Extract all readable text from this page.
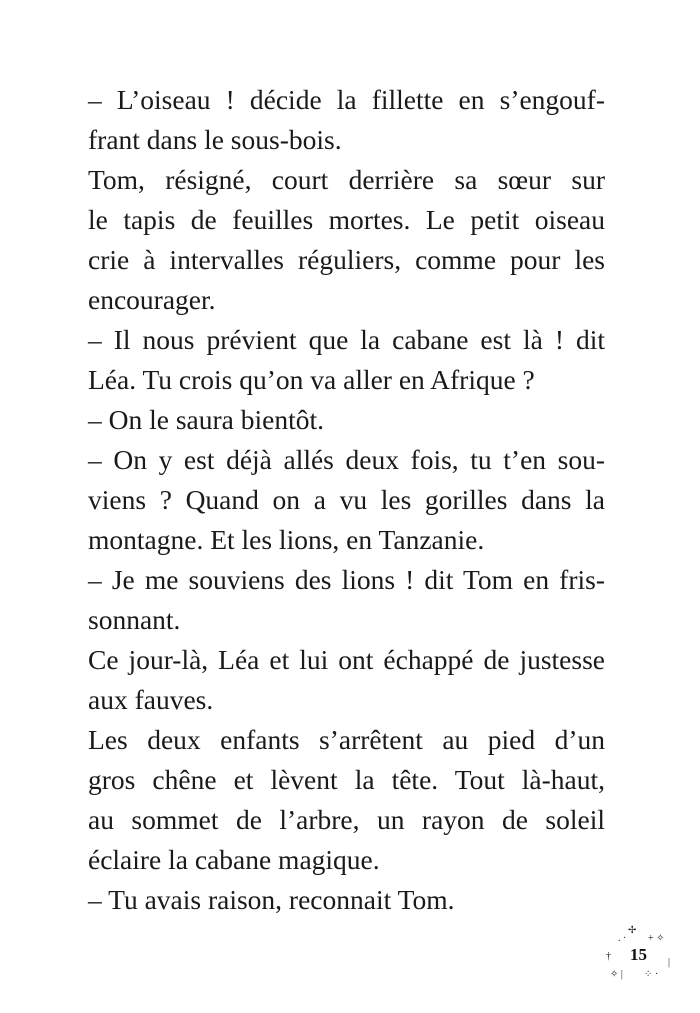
– L’oiseau ! décide la fillette en s’engouf-
frant dans le sous-bois.
Tom, résigné, court derrière sa sœur sur
le tapis de feuilles mortes. Le petit oiseau
crie à intervalles réguliers, comme pour les
encourager.
– Il nous prévient que la cabane est là ! dit
Léa. Tu crois qu’on va aller en Afrique ?
– On le saura bientôt.
– On y est déjà allés deux fois, tu t’en sou-
viens ? Quand on a vu les gorilles dans la
montagne. Et les lions, en Tanzanie.
– Je me souviens des lions ! dit Tom en fris-
sonnant.
Ce jour-là, Léa et lui ont échappé de justesse
aux fauves.
Les deux enfants s’arrêtent au pied d’un
gros chêne et lèvent la tête. Tout là-haut,
au sommet de l’arbre, un rayon de soleil
éclaire la cabane magique.
– Tu avais raison, reconnait Tom.
. ·
✢
+ ✧
†
|
✧ | ⁘ ·
15
